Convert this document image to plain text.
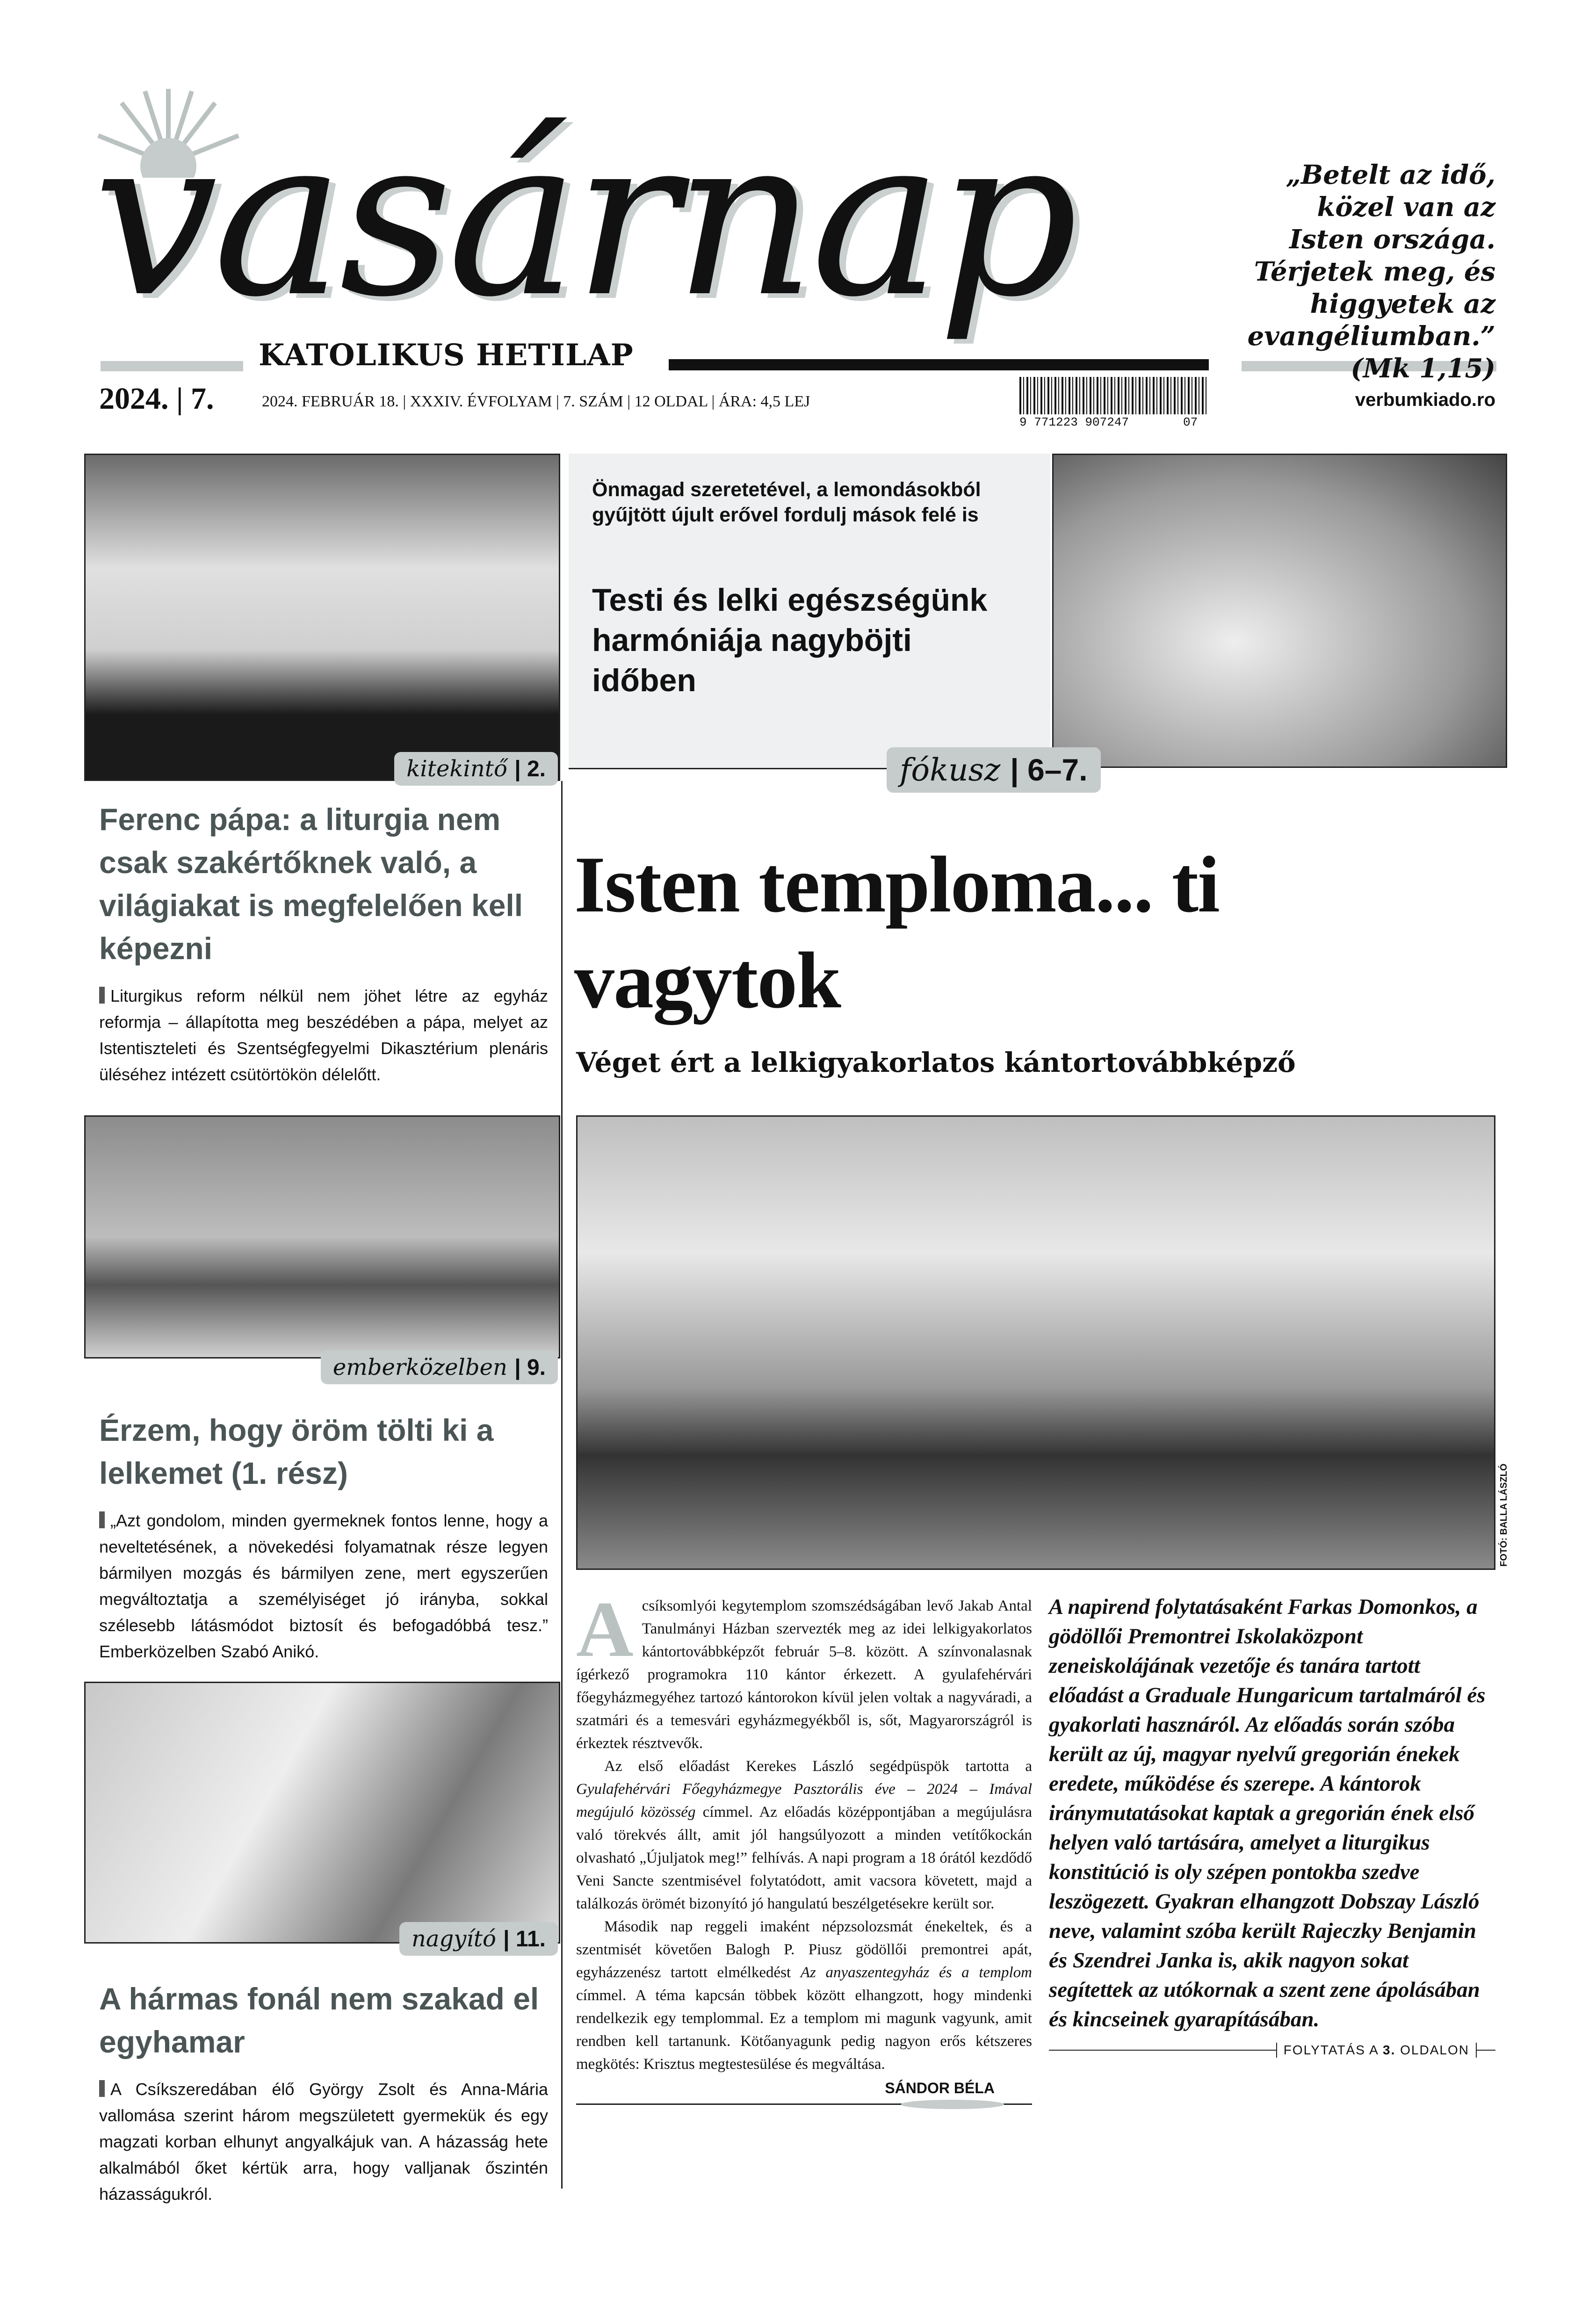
vasárnap
KATOLIKUS HETILAP
„Betelt az idő, közel van az Isten országa. Térjetek meg, és higgyetek az evangéliumban.”
(Mk 1,15)
2024. | 7.	2024. FEBRUÁR 18. | XXXIV. ÉVFOLYAM | 7. SZÁM | 12 OLDAL | ÁRA: 4,5 LEJ
9 771223 907247	07
verbumkiado.ro
kitekintő | 2.
Ferenc pápa: a liturgia nem csak szakértőknek való, a világiakat is megfelelően kell képezni
Liturgikus reform nélkül nem jöhet létre az egyház reformja – állapította meg beszédében a pápa, melyet az Istentiszteleti és Szentségfegyelmi Dikasztérium plenáris üléséhez intézett csütörtökön délelőtt.
emberközelben | 9.
Érzem, hogy öröm tölti ki a lelkemet (1. rész)
„Azt gondolom, minden gyermeknek fontos lenne, hogy a neveltetésének, a növekedési folyamatnak része legyen bármilyen mozgás és bármilyen zene, mert egyszerűen megváltoztatja a személyiséget jó irányba, sokkal szélesebb látásmódot biztosít és befogadóbbá tesz.” Emberközelben Szabó Anikó.
nagyító | 11.
A hármas fonál nem szakad el egyhamar
A Csíkszeredában élő György Zsolt és Anna-Mária vallomása szerint három megszületett gyermekük és egy magzati korban elhunyt angyalkájuk van. A házasság hete alkalmából őket kértük arra, hogy valljanak őszintén házasságukról.
Önmagad szeretetével, a lemondásokból gyűjtött újult erővel fordulj mások felé is
Testi és lelki egészségünk harmóniája nagyböjti időben
fókusz | 6–7.
Isten temploma... ti vagytok
Véget ért a lelkigyakorlatos kántortovábbképző
FOTÓ: BALLA LÁSZLÓ

A csíksomlyói kegytemplom szomszédságában levő Jakab Antal Tanulmányi Házban szervezték meg az idei lelkigyakorlatos kántortovábbképzőt február 5–8. között. A színvonalasnak ígérkező programokra 110 kántor érkezett. A gyulafehérvári főegyházmegyéhez tartozó kántorokon kívül jelen voltak a nagyváradi, a szatmári és a temesvári egyházmegyékből is, sőt, Magyarországról is érkeztek résztvevők.

Az első előadást Kerekes László segédpüspök tartotta a Gyulafehérvári Főegyházmegye Pasztorális éve – 2024 – Imával megújuló közösség címmel. Az előadás középpontjában a megújulásra való törekvés állt, amit jól hangsúlyozott a minden vetítőkockán olvasható „Újuljatok meg!” felhívás. A napi program a 18 órától kezdődő Veni Sancte szentmisével folytatódott, amit vacsora követett, majd a találkozás örömét bizonyító jó hangulatú beszélgetésekre került sor.

Második nap reggeli imaként népzsolozsmát énekeltek, és a szentmisét követően Balogh P. Piusz gödöllői premontrei apát, egyházzenész tartott elmélkedést Az anyaszentegyház és a templom címmel. A téma kapcsán többek között elhangzott, hogy mindenki rendelkezik egy templommal. Ez a templom mi magunk vagyunk, amit rendben kell tartanunk. Kötőanyagunk pedig nagyon erős kétszeres megkötés: Krisztus megtestesülése és megváltása.

SÁNDOR BÉLA
A napirend folytatásaként Farkas Domonkos, a gödöllői Premontrei Iskolaközpont zeneiskolájának vezetője és tanára tartott előadást a Graduale Hungaricum tartalmáról és gyakorlati hasznáról. Az előadás során szóba került az új, magyar nyelvű gregorián énekek eredete, működése és szerepe. A kántorok iránymutatásokat kaptak a gregorián ének első helyen való tartására, amelyet a liturgikus konstitúció is oly szépen pontokba szedve leszögezett. Gyakran elhangzott Dobszay László neve, valamint szóba került Rajeczky Benjamin és Szendrei Janka is, akik nagyon sokat segítettek az utókornak a szent zene ápolásában és kincseinek gyarapításában.
FOLYTATÁS A 3. OLDALON
